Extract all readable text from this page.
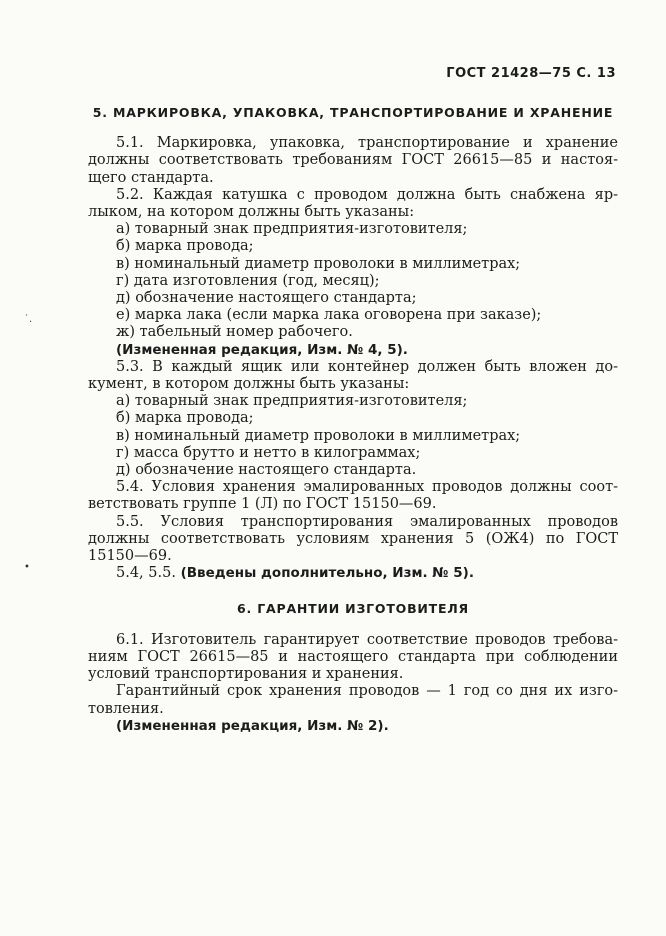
ГОСТ 21428—75 С. 13
˙.
•
5. МАРКИРОВКА, УПАКОВКА, ТРАНСПОРТИРОВАНИЕ И ХРАНЕНИЕ
5.1. Маркировка, упаковка, транспортирование и хранение
должны соответствовать требованиям ГОСТ 26615—85 и настоя-
щего стандарта.
5.2. Каждая катушка с проводом должна быть снабжена яр-
лыком, на котором должны быть указаны:
а) товарный знак предприятия-изготовителя;
б) марка провода;
в) номинальный диаметр проволоки в миллиметрах;
г) дата изготовления (год, месяц);
д) обозначение настоящего стандарта;
е) марка лака (если марка лака оговорена при заказе);
ж) табельный номер рабочего.
(Измененная редакция, Изм. № 4, 5).
5.3. В каждый ящик или контейнер должен быть вложен до-
кумент, в котором должны быть указаны:
а) товарный знак предприятия-изготовителя;
б) марка провода;
в) номинальный диаметр проволоки в миллиметрах;
г) масса брутто и нетто в килограммах;
д) обозначение настоящего стандарта.
5.4. Условия хранения эмалированных проводов должны соот-
ветствовать группе 1 (Л) по ГОСТ 15150—69.
5.5. Условия транспортирования эмалированных проводов
должны соответствовать условиям хранения 5 (ОЖ4) по ГОСТ
15150—69.
5.4, 5.5. (Введены дополнительно, Изм. № 5).
6. ГАРАНТИИ ИЗГОТОВИТЕЛЯ
6.1. Изготовитель гарантирует соответствие проводов требова-
ниям ГОСТ 26615—85 и настоящего стандарта при соблюдении
условий транспортирования и хранения.
Гарантийный срок хранения проводов — 1 год со дня их изго-
товления.
(Измененная редакция, Изм. № 2).
